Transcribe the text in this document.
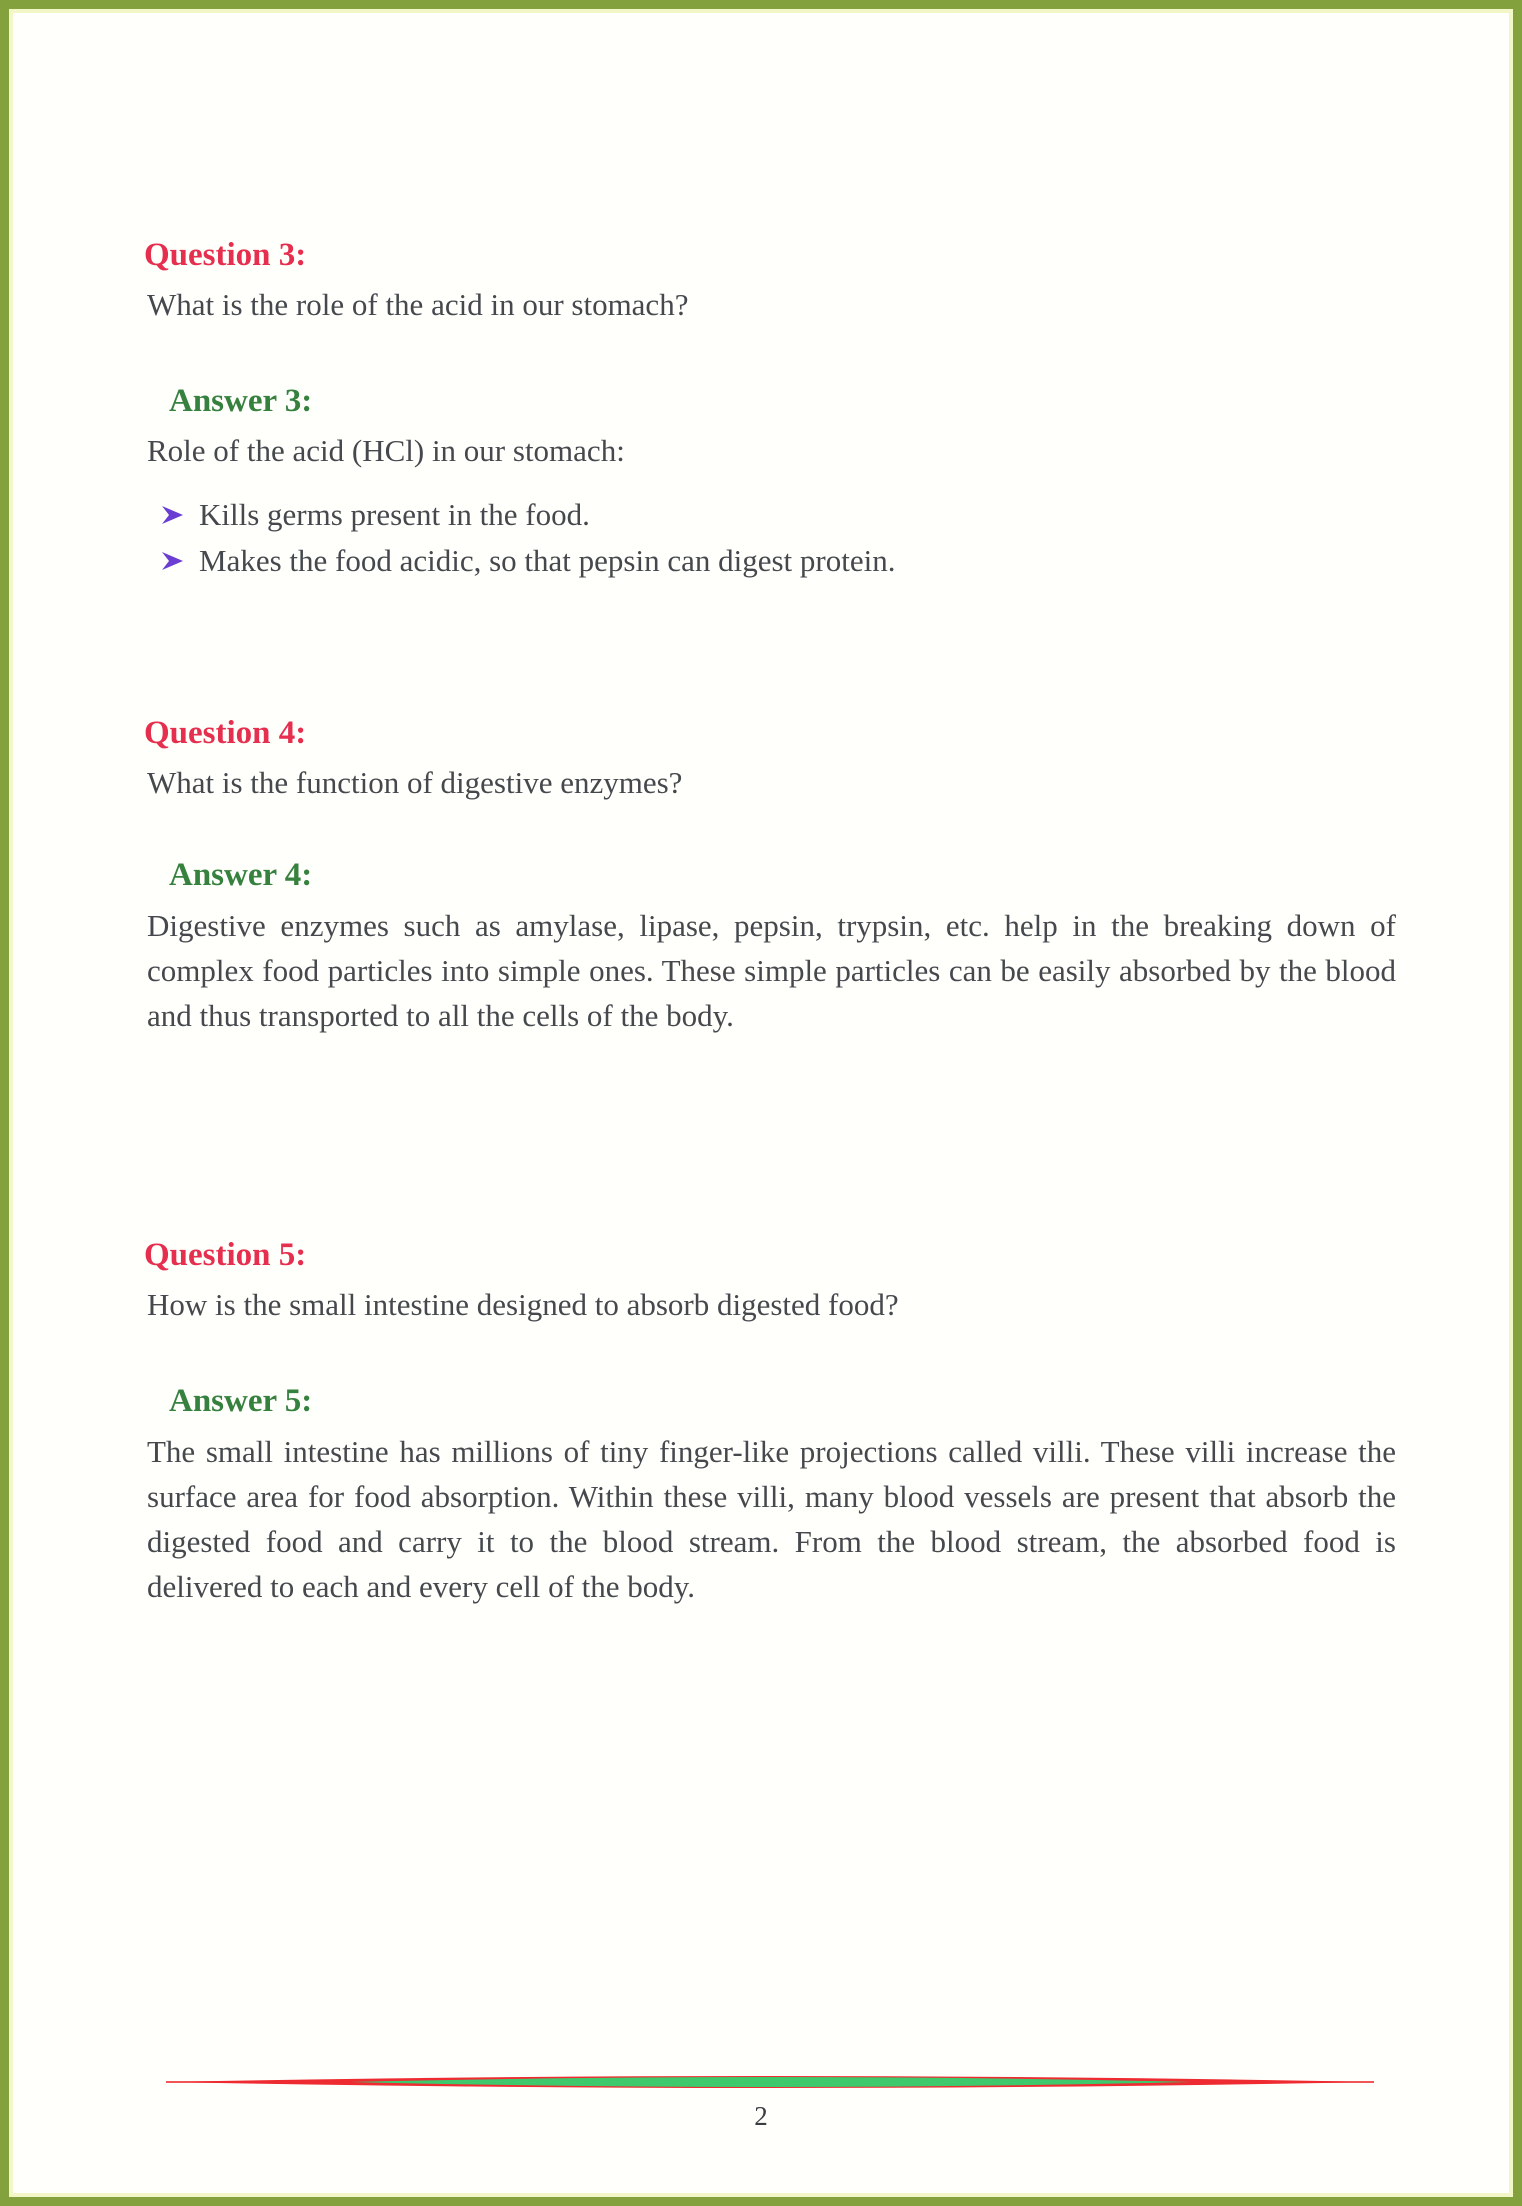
Question 3:
What is the role of the acid in our stomach?
Answer 3:
Role of the acid (HCl) in our stomach:
Kills germs present in the food.
Makes the food acidic, so that pepsin can digest protein.
Question 4:
What is the function of digestive enzymes?
Answer 4:

Digestive enzymes such as amylase, lipase, pepsin, trypsin, etc. help in the breaking down of complex food particles into simple ones. These simple particles can be easily absorbed by the blood and thus transported to all the cells of the body.

Question 5:
How is the small intestine designed to absorb digested food?
Answer 5:

The small intestine has millions of tiny finger-like projections called villi. These villi increase the surface area for food absorption. Within these villi, many blood vessels are present that absorb the digested food and carry it to the blood stream. From the blood stream, the absorbed food is delivered to each and every cell of the body.

2
